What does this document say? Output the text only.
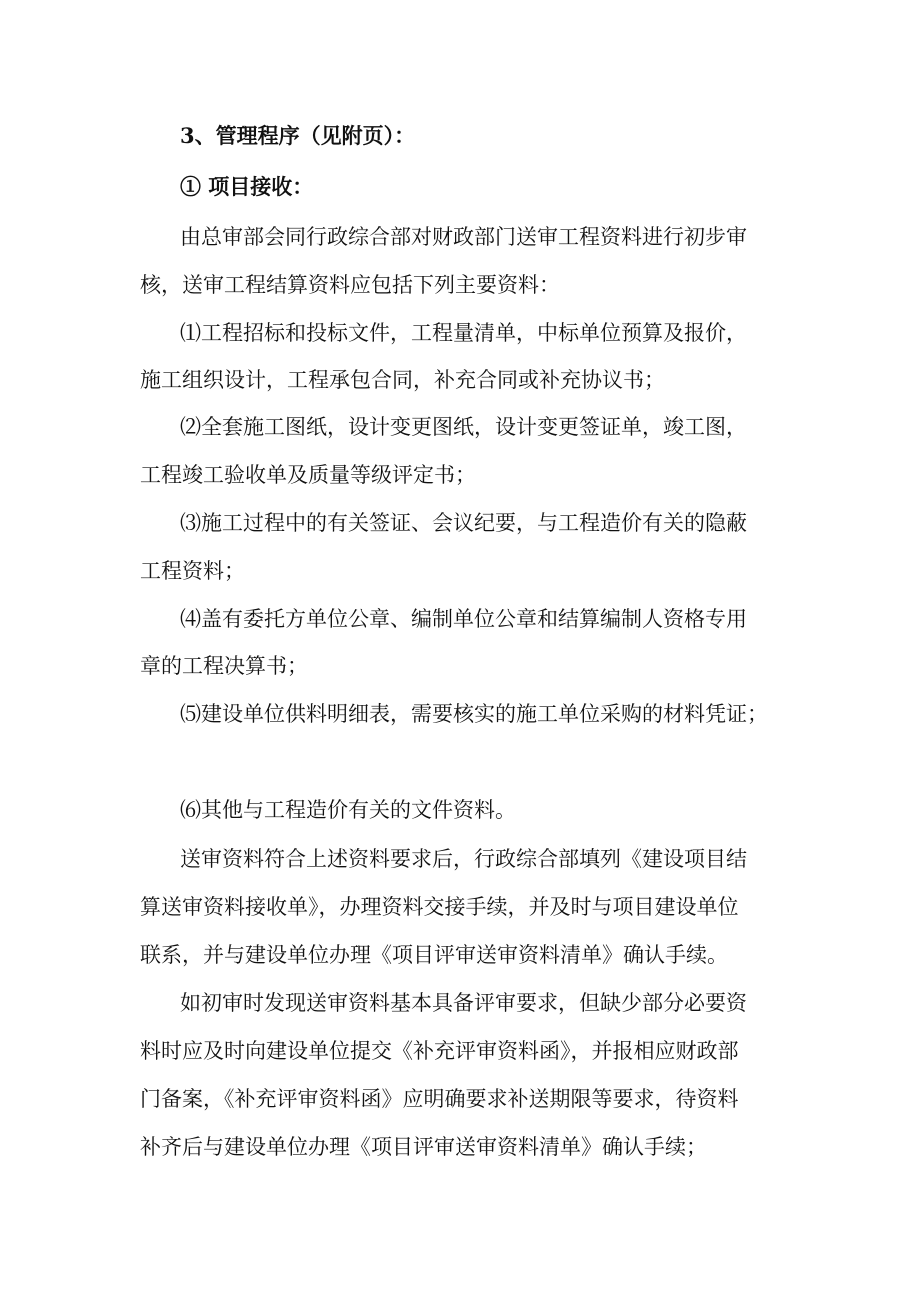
3、管理程序（见附页）：
① 项目接收：
由总审部会同行政综合部对财政部门送审工程资料进行初步审
核，送审工程结算资料应包括下列主要资料：
⑴工程招标和投标文件，工程量清单，中标单位预算及报价，
施工组织设计，工程承包合同，补充合同或补充协议书；
⑵全套施工图纸，设计变更图纸，设计变更签证单，竣工图，
工程竣工验收单及质量等级评定书；
⑶施工过程中的有关签证、会议纪要，与工程造价有关的隐蔽
工程资料；
⑷盖有委托方单位公章、编制单位公章和结算编制人资格专用
章的工程决算书；
⑸建设单位供料明细表，需要核实的施工单位采购的材料凭证；
⑹其他与工程造价有关的文件资料。
送审资料符合上述资料要求后，行政综合部填列《建设项目结
算送审资料接收单》，办理资料交接手续，并及时与项目建设单位
联系，并与建设单位办理《项目评审送审资料清单》确认手续。
如初审时发现送审资料基本具备评审要求，但缺少部分必要资
料时应及时向建设单位提交《补充评审资料函》，并报相应财政部
门备案，《补充评审资料函》应明确要求补送期限等要求，待资料
补齐后与建设单位办理《项目评审送审资料清单》确认手续；
